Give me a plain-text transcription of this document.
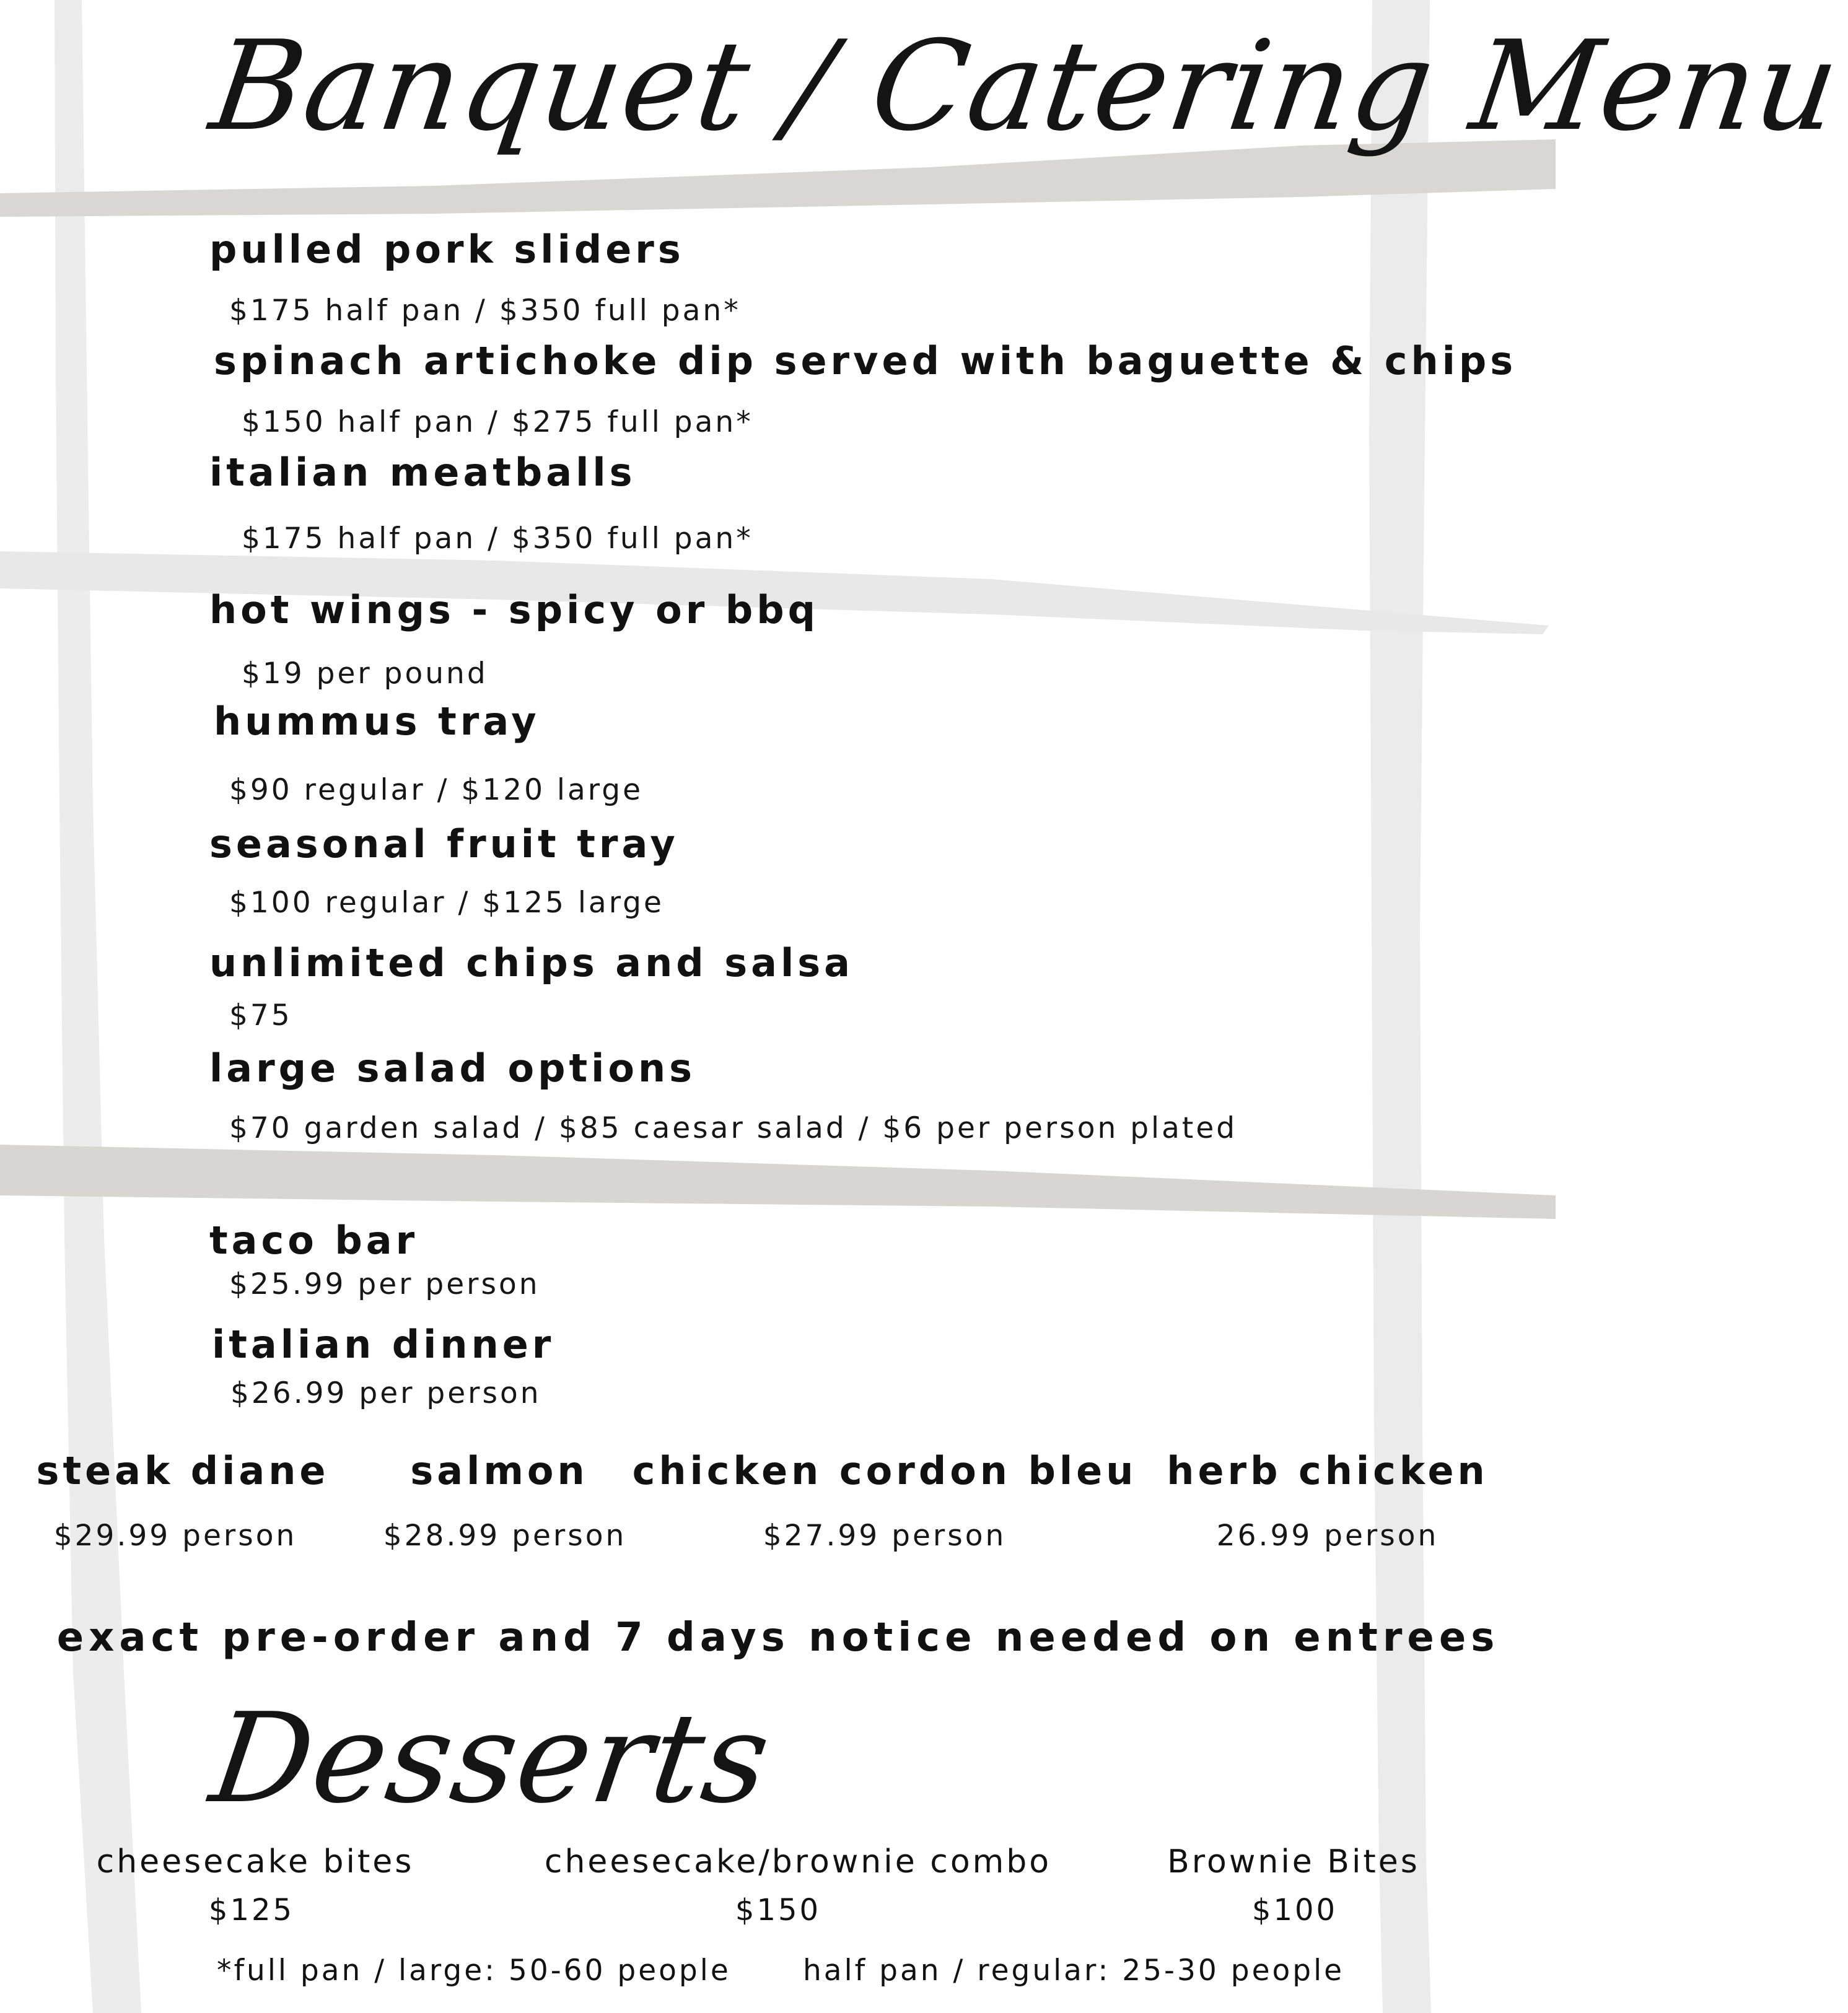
Banquet / Catering Menu
pulled pork sliders
$175 half pan / $350 full pan*
spinach artichoke dip served with baguette & chips
$150 half pan / $275 full pan*
italian meatballs
$175 half pan / $350 full pan*
hot wings - spicy or bbq
$19 per pound
hummus tray
$90 regular / $120 large
seasonal fruit tray
$100 regular / $125 large
unlimited chips and salsa
$75
large salad options
$70 garden salad / $85 caesar salad / $6 per person plated
taco bar
$25.99 per person
italian dinner
$26.99 per person
steak diane
$29.99 person
salmon
$28.99 person
chicken cordon bleu
$27.99 person
herb chicken
26.99 person
exact pre-order and 7 days notice needed on entrees
Desserts
cheesecake bites
$125
cheesecake/brownie combo
$150
Brownie Bites
$100
*full pan / large: 50-60 people half pan / regular: 25-30 people
